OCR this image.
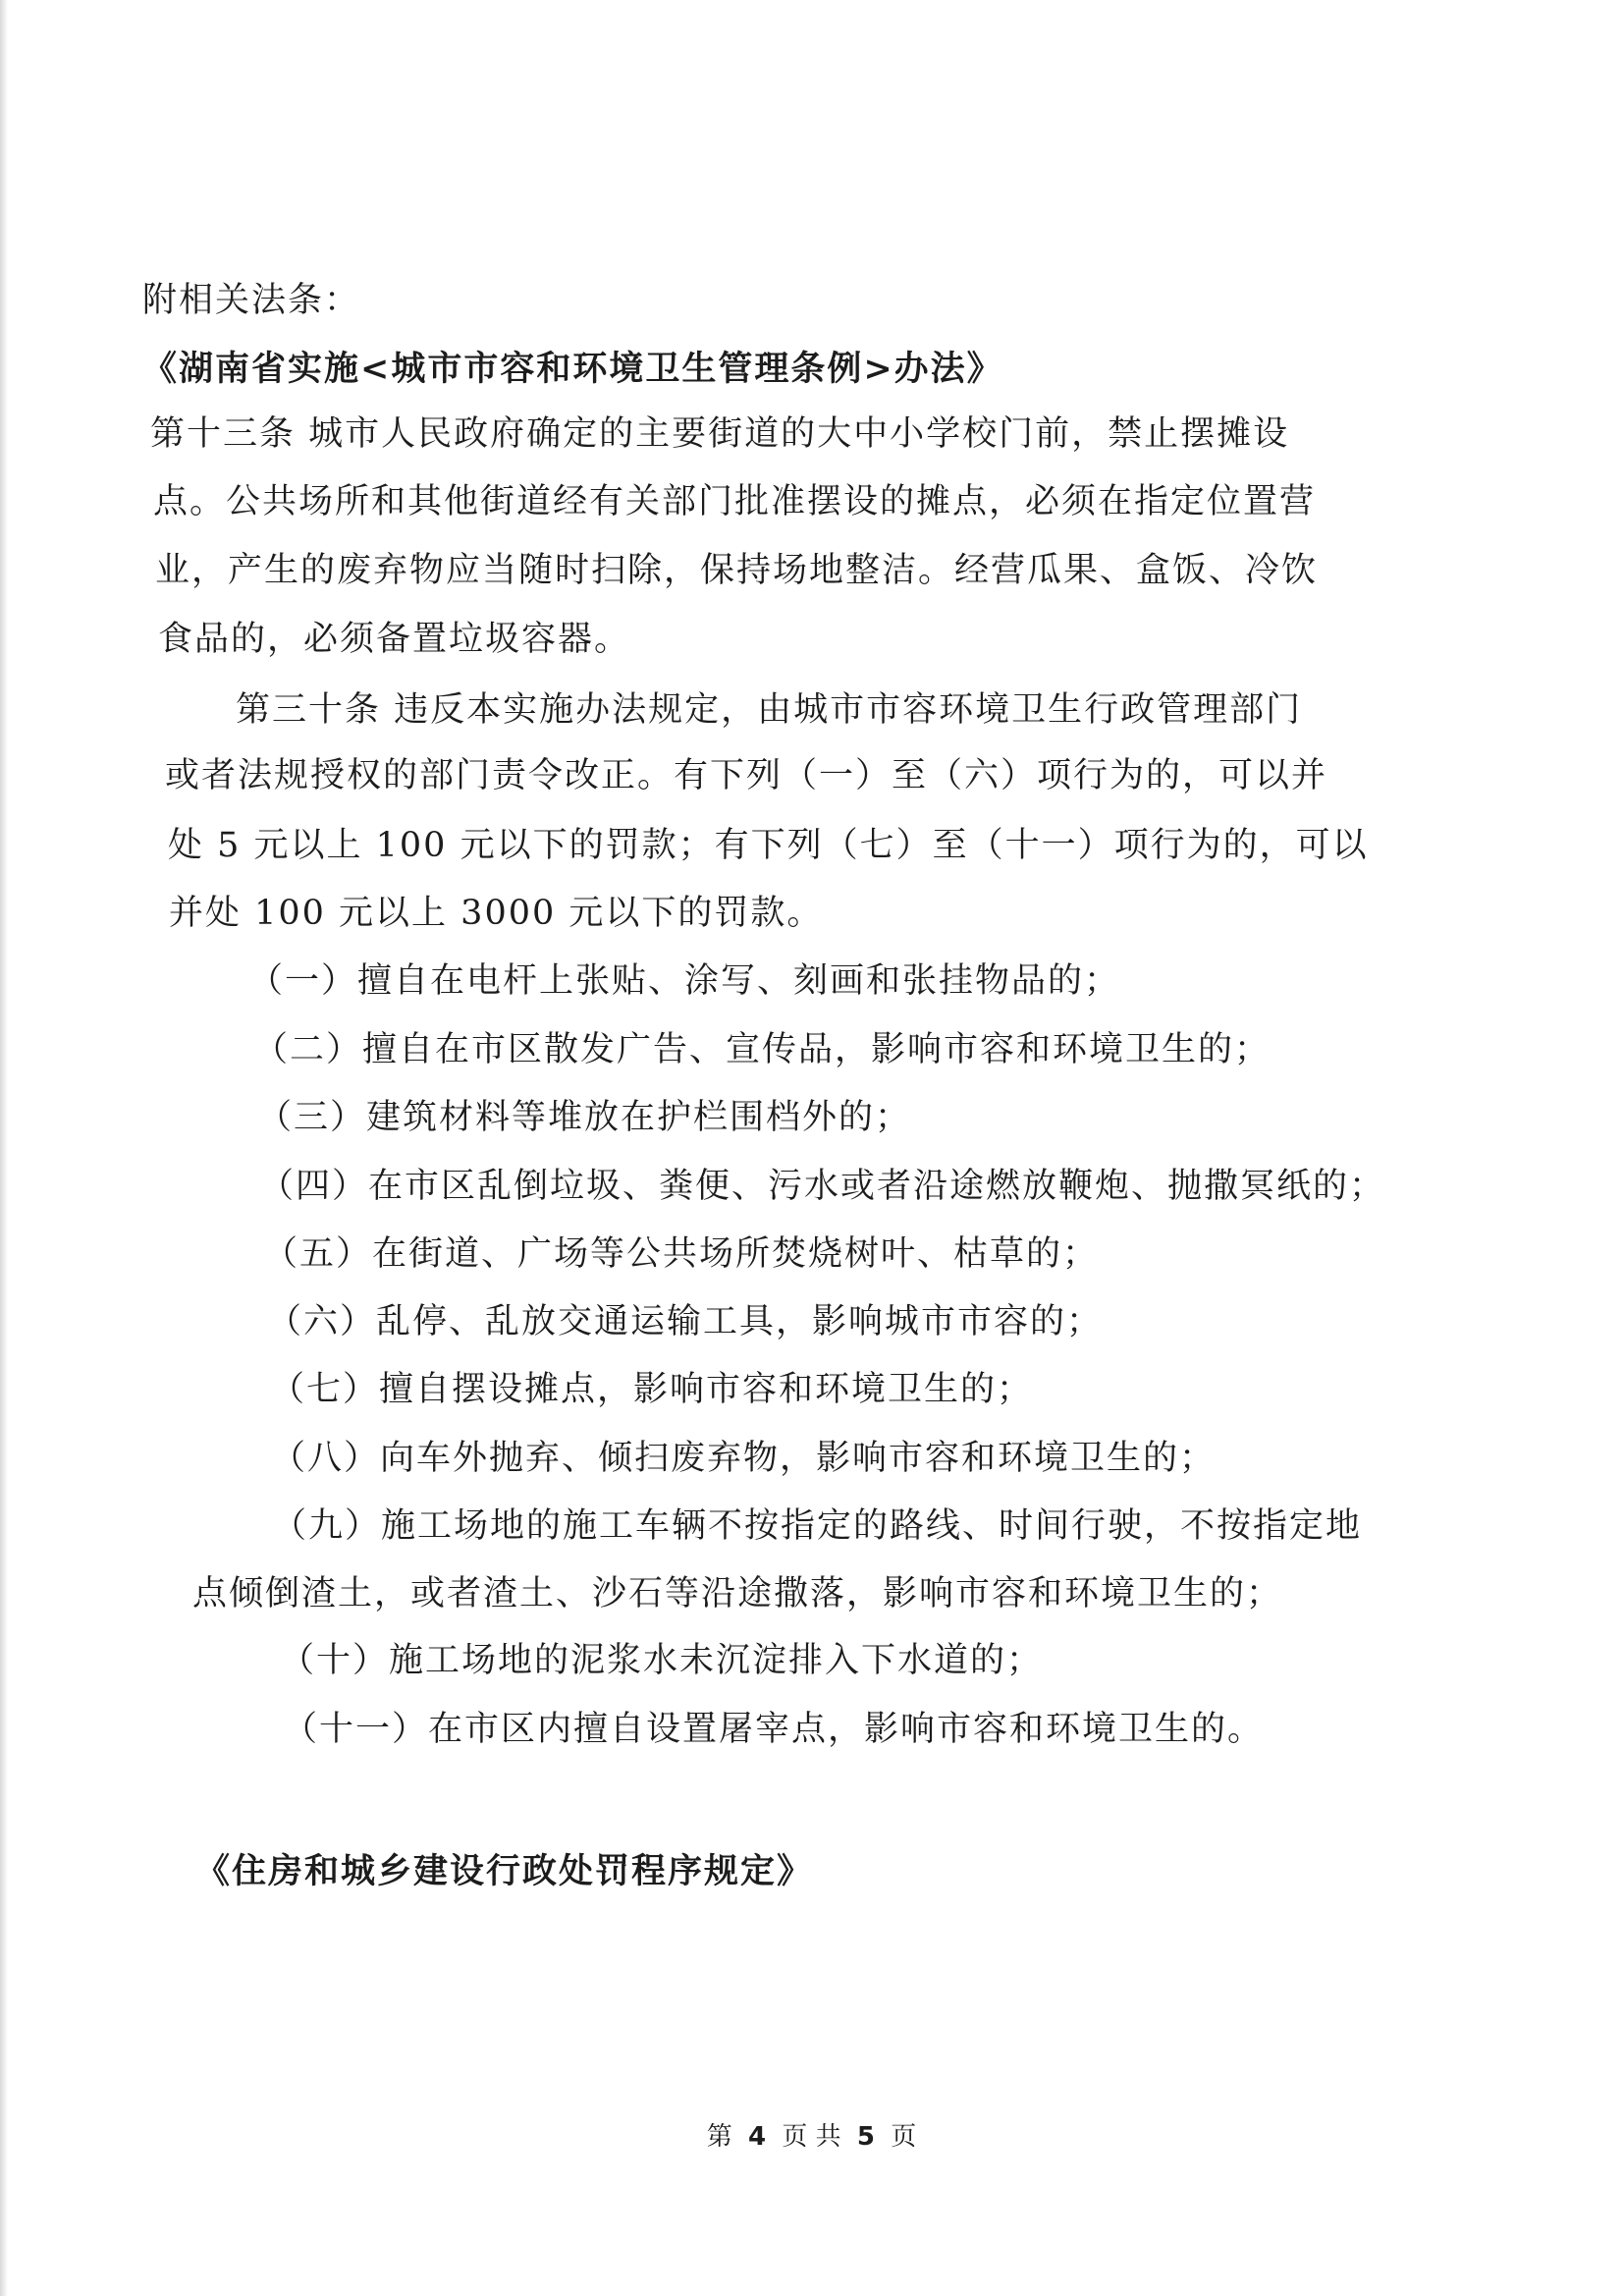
附相关法条：
《湖南省实施<城市市容和环境卫生管理条例>办法》
第十三条 城市人民政府确定的主要街道的大中小学校门前，禁止摆摊设
点。公共场所和其他街道经有关部门批准摆设的摊点，必须在指定位置营
业，产生的废弃物应当随时扫除，保持场地整洁。经营瓜果、盒饭、冷饮
食品的，必须备置垃圾容器。
第三十条 违反本实施办法规定，由城市市容环境卫生行政管理部门
或者法规授权的部门责令改正。有下列（一）至（六）项行为的，可以并
处 5 元以上 100 元以下的罚款；有下列（七）至（十一）项行为的，可以
并处 100 元以上 3000 元以下的罚款。
（一）擅自在电杆上张贴、涂写、刻画和张挂物品的；
（二）擅自在市区散发广告、宣传品，影响市容和环境卫生的；
（三）建筑材料等堆放在护栏围档外的；
（四）在市区乱倒垃圾、粪便、污水或者沿途燃放鞭炮、抛撒冥纸的；
（五）在街道、广场等公共场所焚烧树叶、枯草的；
（六）乱停、乱放交通运输工具，影响城市市容的；
（七）擅自摆设摊点，影响市容和环境卫生的；
（八）向车外抛弃、倾扫废弃物，影响市容和环境卫生的；
（九）施工场地的施工车辆不按指定的路线、时间行驶，不按指定地
点倾倒渣土，或者渣土、沙石等沿途撒落，影响市容和环境卫生的；
（十）施工场地的泥浆水未沉淀排入下水道的；
（十一）在市区内擅自设置屠宰点，影响市容和环境卫生的。
《住房和城乡建设行政处罚程序规定》
第 4 页 共 5 页
